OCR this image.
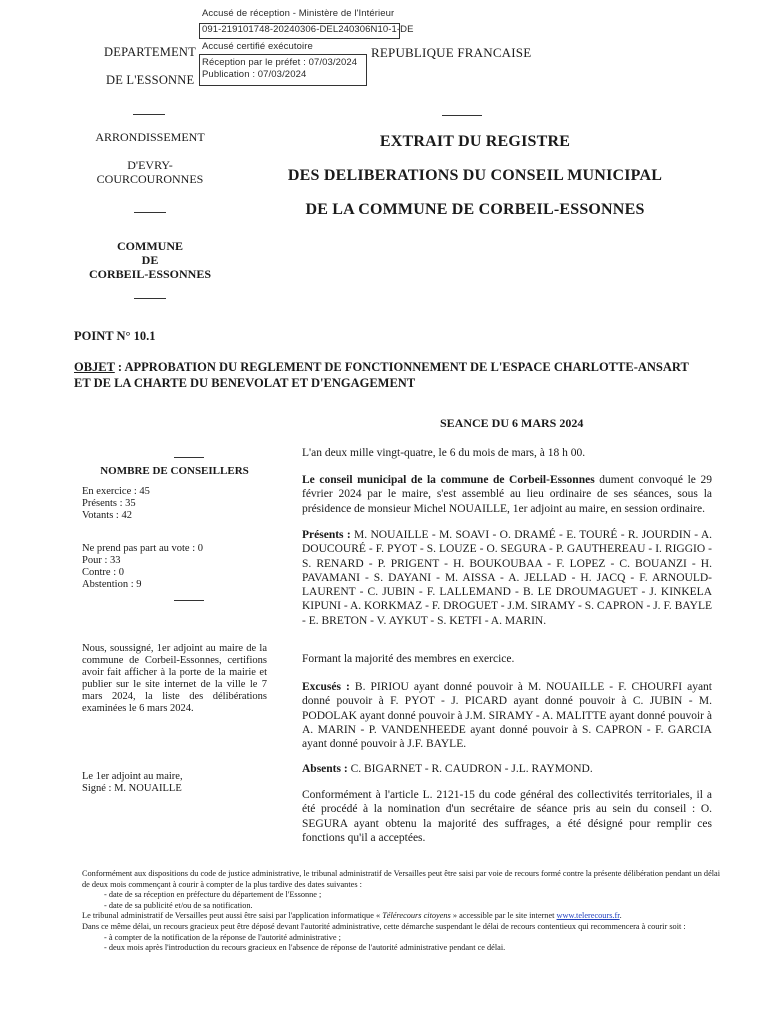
Accusé de réception - Ministère de l'Intérieur
091-219101748-20240306-DEL240306N10-1-DE
Accusé certifié exécutoire
Réception par le préfet : 07/03/2024
Publication : 07/03/2024
DEPARTEMENT
DE L'ESSONNE
ARRONDISSEMENT
D'EVRY-
COURCOURONNES
COMMUNE
DE
CORBEIL-ESSONNES
REPUBLIQUE FRANCAISE
EXTRAIT DU REGISTRE
DES DELIBERATIONS DU CONSEIL MUNICIPAL
DE LA COMMUNE DE CORBEIL-ESSONNES
POINT N° 10.1
OBJET : APPROBATION DU REGLEMENT DE FONCTIONNEMENT DE L'ESPACE CHARLOTTE-ANSART ET DE LA CHARTE DU BENEVOLAT ET D'ENGAGEMENT
SEANCE DU 6 MARS 2024
NOMBRE DE CONSEILLERS

En exercice : 45

Présents : 35

Votants : 42

Ne prend pas part au vote : 0

Pour : 33

Contre : 0

Abstention : 9

Nous, soussigné, 1er adjoint au maire de la commune de Corbeil-Essonnes, certifions avoir fait afficher à la porte de la mairie et publier sur le site internet de la ville le 7 mars 2024, la liste des délibérations examinées le 6 mars 2024.

Le 1er adjoint au maire,

Signé : M. NOUAILLE

L'an deux mille vingt-quatre, le 6 du mois de mars, à 18 h 00.
Le conseil municipal de la commune de Corbeil-Essonnes dument convoqué le 29 février 2024 par le maire, s'est assemblé au lieu ordinaire de ses séances, sous la présidence de monsieur Michel NOUAILLE, 1er adjoint au maire, en session ordinaire.
Présents : M. NOUAILLE - M. SOAVI - O. DRAMÉ - E. TOURÉ - R. JOURDIN - A. DOUCOURÉ - F. PYOT - S. LOUZE - O. SEGURA - P. GAUTHEREAU - I. RIGGIO - S. RENARD - P. PRIGENT - H. BOUKOUBAA - F. LOPEZ - C. BOUANZI - H. PAVAMANI - S. DAYANI - M. AISSA - A. JELLAD - H. JACQ - F. ARNOULD-LAURENT - C. JUBIN - F. LALLEMAND - B. LE DROUMAGUET - J. KINKELA KIPUNI - A. KORKMAZ - F. DROGUET - J.M. SIRAMY - S. CAPRON - J. F. BAYLE - E. BRETON - V. AYKUT - S. KETFI - A. MARIN.
Formant la majorité des membres en exercice.
Excusés : B. PIRIOU ayant donné pouvoir à M. NOUAILLE - F. CHOURFI ayant donné pouvoir à F. PYOT - J. PICARD ayant donné pouvoir à C. JUBIN - M. PODOLAK ayant donné pouvoir à J.M. SIRAMY - A. MALITTE ayant donné pouvoir à A. MARIN - P. VANDENHEEDE ayant donné pouvoir à S. CAPRON - F. GARCIA ayant donné pouvoir à J.F. BAYLE.
Absents : C. BIGARNET - R. CAUDRON - J.L. RAYMOND.
Conformément à l'article L. 2121-15 du code général des collectivités territoriales, il a été procédé à la nomination d'un secrétaire de séance pris au sein du conseil : O. SEGURA ayant obtenu la majorité des suffrages, a été désigné pour remplir ces fonctions qu'il a acceptées.
Conformément aux dispositions du code de justice administrative, le tribunal administratif de Versailles peut être saisi par voie de recours formé contre la présente délibération pendant un délai de deux mois commençant à courir à compter de la plus tardive des dates suivantes :
- date de sa réception en préfecture du département de l'Essonne ;
- date de sa publicité et/ou de sa notification.
Le tribunal administratif de Versailles peut aussi être saisi par l'application informatique « Télérecours citoyens » accessible par le site internet www.telerecours.fr.
Dans ce même délai, un recours gracieux peut être déposé devant l'autorité administrative, cette démarche suspendant le délai de recours contentieux qui recommencera à courir soit :
- à compter de la notification de la réponse de l'autorité administrative ;
- deux mois après l'introduction du recours gracieux en l'absence de réponse de l'autorité administrative pendant ce délai.
